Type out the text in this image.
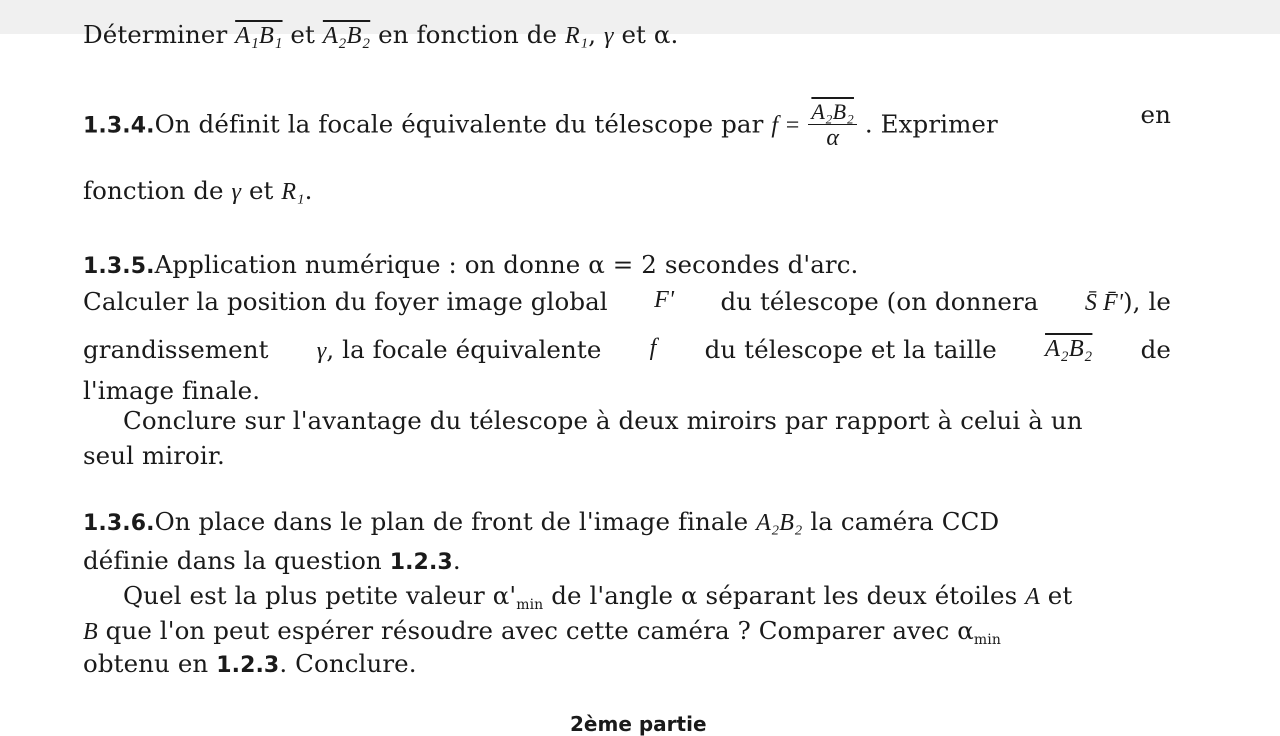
Déterminer A₁B₁ et A₂B₂ en fonction de R₁, γ et α.
1.3.4.On définit la focale équivalente du télescope par $f = \frac{\text{A₂B₂}}{\alpha}$ . Exprimer	en
fonction de γ et R₁.
1.3.5.Application numérique : on donne α = 2 secondes d'arc.
Calculer la position du foyer image global F' du télescope (on donnera S̄ F̄'), le
grandissement γ, la focale équivalente f du télescope et la taille A₂B₂ de
l'image finale.
Conclure sur l'avantage du télescope à deux miroirs par rapport à celui à un
seul miroir.
1.3.6.On place dans le plan de front de l'image finale A₂B₂ la caméra CCD
définie dans la question 1.2.3.
Quel est la plus petite valeur $\alpha'_{min}$ de l'angle α séparant les deux étoiles A et
B que l'on peut espérer résoudre avec cette caméra ? Comparer avec $\alpha_{min}$
obtenu en 1.2.3. Conclure.
2ème partie
